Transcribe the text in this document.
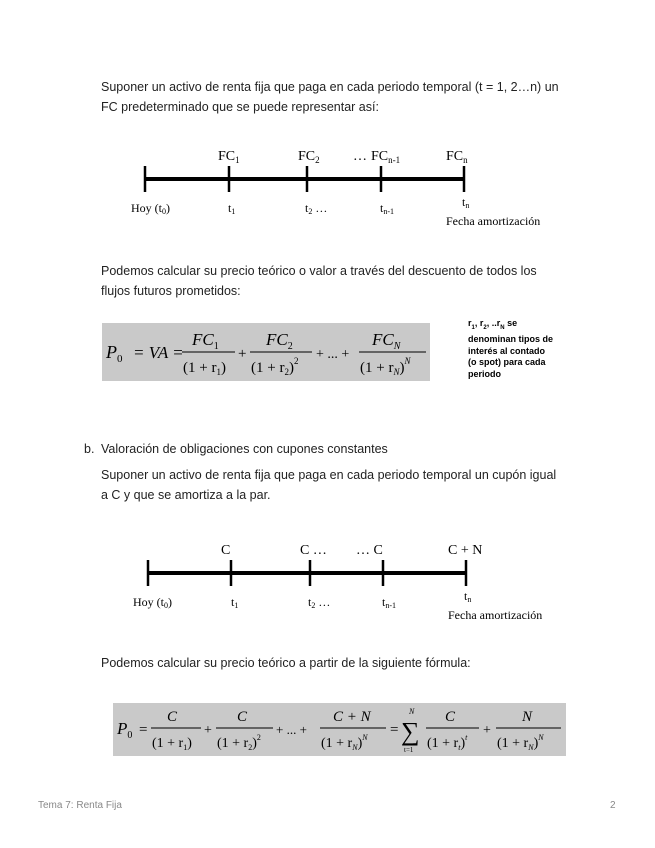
Suponer un activo de renta fija que paga en cada periodo temporal (t = 1, 2…n) un
FC predeterminado que se puede representar así:
$FC_1$	$FC_2$ … $FC_{n-1}$	$FC_n$
Hoy (t0)	t1	t2 …	tn-1
tn
Fecha amortización
Podemos calcular su precio teórico o valor a través del descuento de todos los
flujos futuros prometidos:
$P_0$ = VA =
$FC_1$
$(1 + r_1)$
+
$FC_2$
$(1 + r_2)^2$ + ... +
$FC_N$
$(1 + r_N)^N$
$r_1$, $r_2$, $..r_N$ se
denominan tipos de
interés al contado
(o spot) para cada
periodo
b. Valoración de obligaciones con cupones constantes
Suponer un activo de renta fija que paga en cada periodo temporal un cupón igual
a C y que se amortiza a la par.
C	C … … C	C + N
Hoy (t0)	t1	t2 …	tn-1
tn
Fecha amortización
Podemos calcular su precio teórico a partir de la siguiente fórmula:
$P_0$ =
C
$(1 + r_1)$
+
C
$(1 + r_2)^2$
+ ... +
C + N
$(1 + r_N)^N$ =
N
∑
t=1
C
$(1 + r_t)^t$ +
N
$(1 + r_N)^N$
Tema 7: Renta Fija	2
